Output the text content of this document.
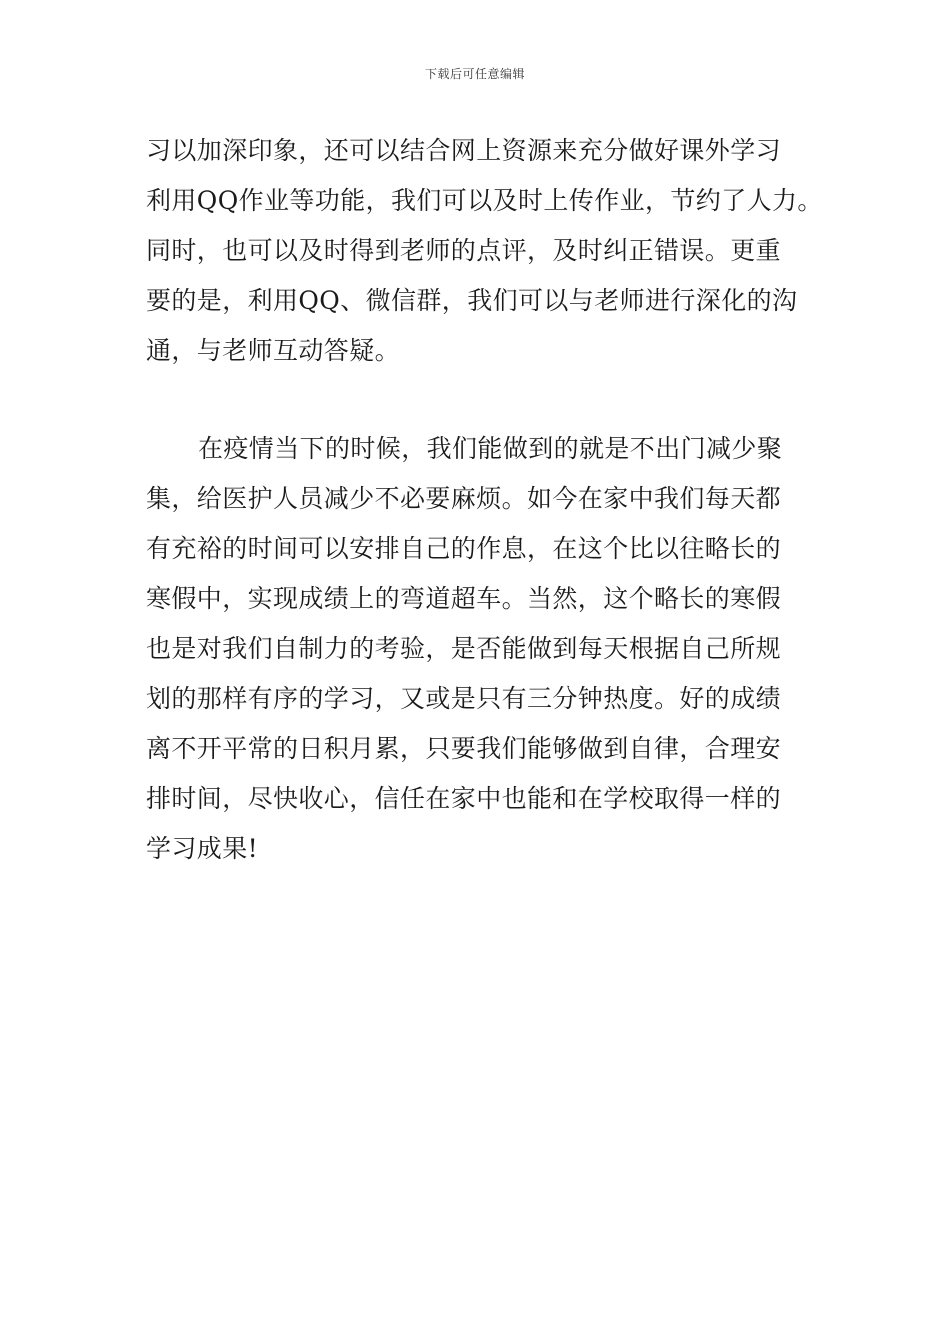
下载后可任意编辑
习以加深印象，还可以结合网上资源来充分做好课外学习
利用QQ作业等功能，我们可以及时上传作业，节约了人力。
同时，也可以及时得到老师的点评，及时纠正错误。更重
要的是，利用QQ、微信群，我们可以与老师进行深化的沟
通，与老师互动答疑。
在疫情当下的时候，我们能做到的就是不出门减少聚
集，给医护人员减少不必要麻烦。如今在家中我们每天都
有充裕的时间可以安排自己的作息，在这个比以往略长的
寒假中，实现成绩上的弯道超车。当然，这个略长的寒假
也是对我们自制力的考验，是否能做到每天根据自己所规
划的那样有序的学习，又或是只有三分钟热度。好的成绩
离不开平常的日积月累，只要我们能够做到自律，合理安
排时间，尽快收心，信任在家中也能和在学校取得一样的
学习成果!
